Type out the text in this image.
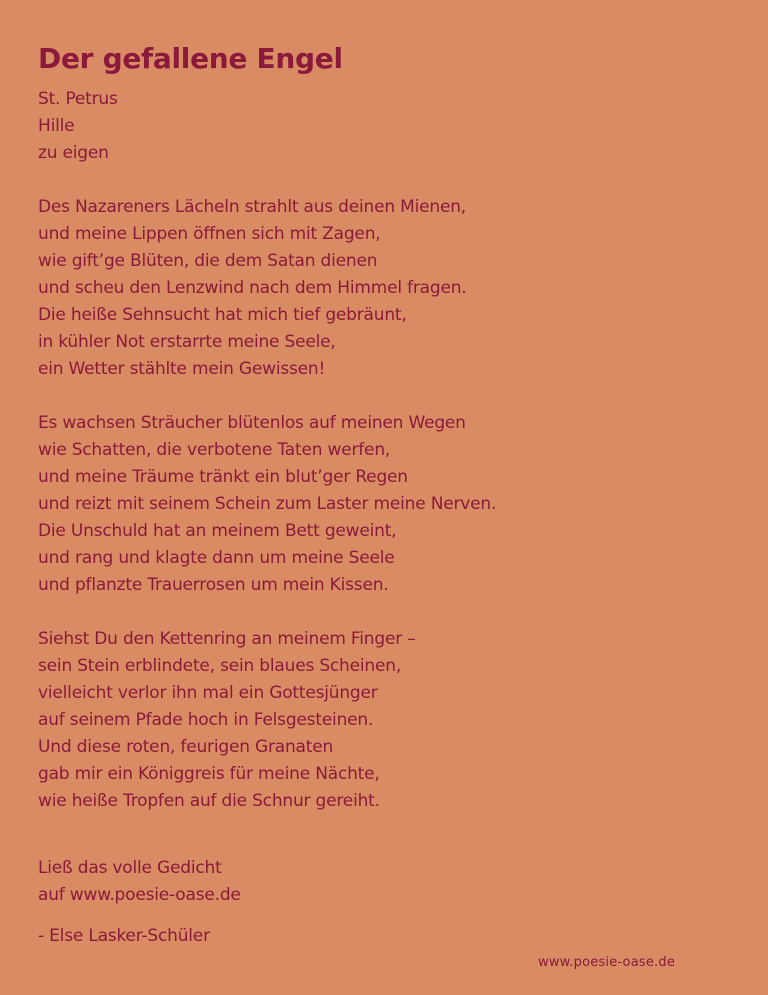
Der gefallene Engel
St. Petrus
Hille
zu eigen
Des Nazareners Lächeln strahlt aus deinen Mienen,
und meine Lippen öffnen sich mit Zagen,
wie gift’ge Blüten, die dem Satan dienen
und scheu den Lenzwind nach dem Himmel fragen.
Die heiße Sehnsucht hat mich tief gebräunt,
in kühler Not erstarrte meine Seele,
ein Wetter stählte mein Gewissen!
Es wachsen Sträucher blütenlos auf meinen Wegen
wie Schatten, die verbotene Taten werfen,
und meine Träume tränkt ein blut’ger Regen
und reizt mit seinem Schein zum Laster meine Nerven.
Die Unschuld hat an meinem Bett geweint,
und rang und klagte dann um meine Seele
und pflanzte Trauerrosen um mein Kissen.
Siehst Du den Kettenring an meinem Finger –
sein Stein erblindete, sein blaues Scheinen,
vielleicht verlor ihn mal ein Gottesjünger
auf seinem Pfade hoch in Felsgesteinen.
Und diese roten, feurigen Granaten
gab mir ein Königgreis für meine Nächte,
wie heiße Tropfen auf die Schnur gereiht.
Ließ das volle Gedicht
auf www.poesie-oase.de
- Else Lasker-Schüler
www.poesie-oase.de
